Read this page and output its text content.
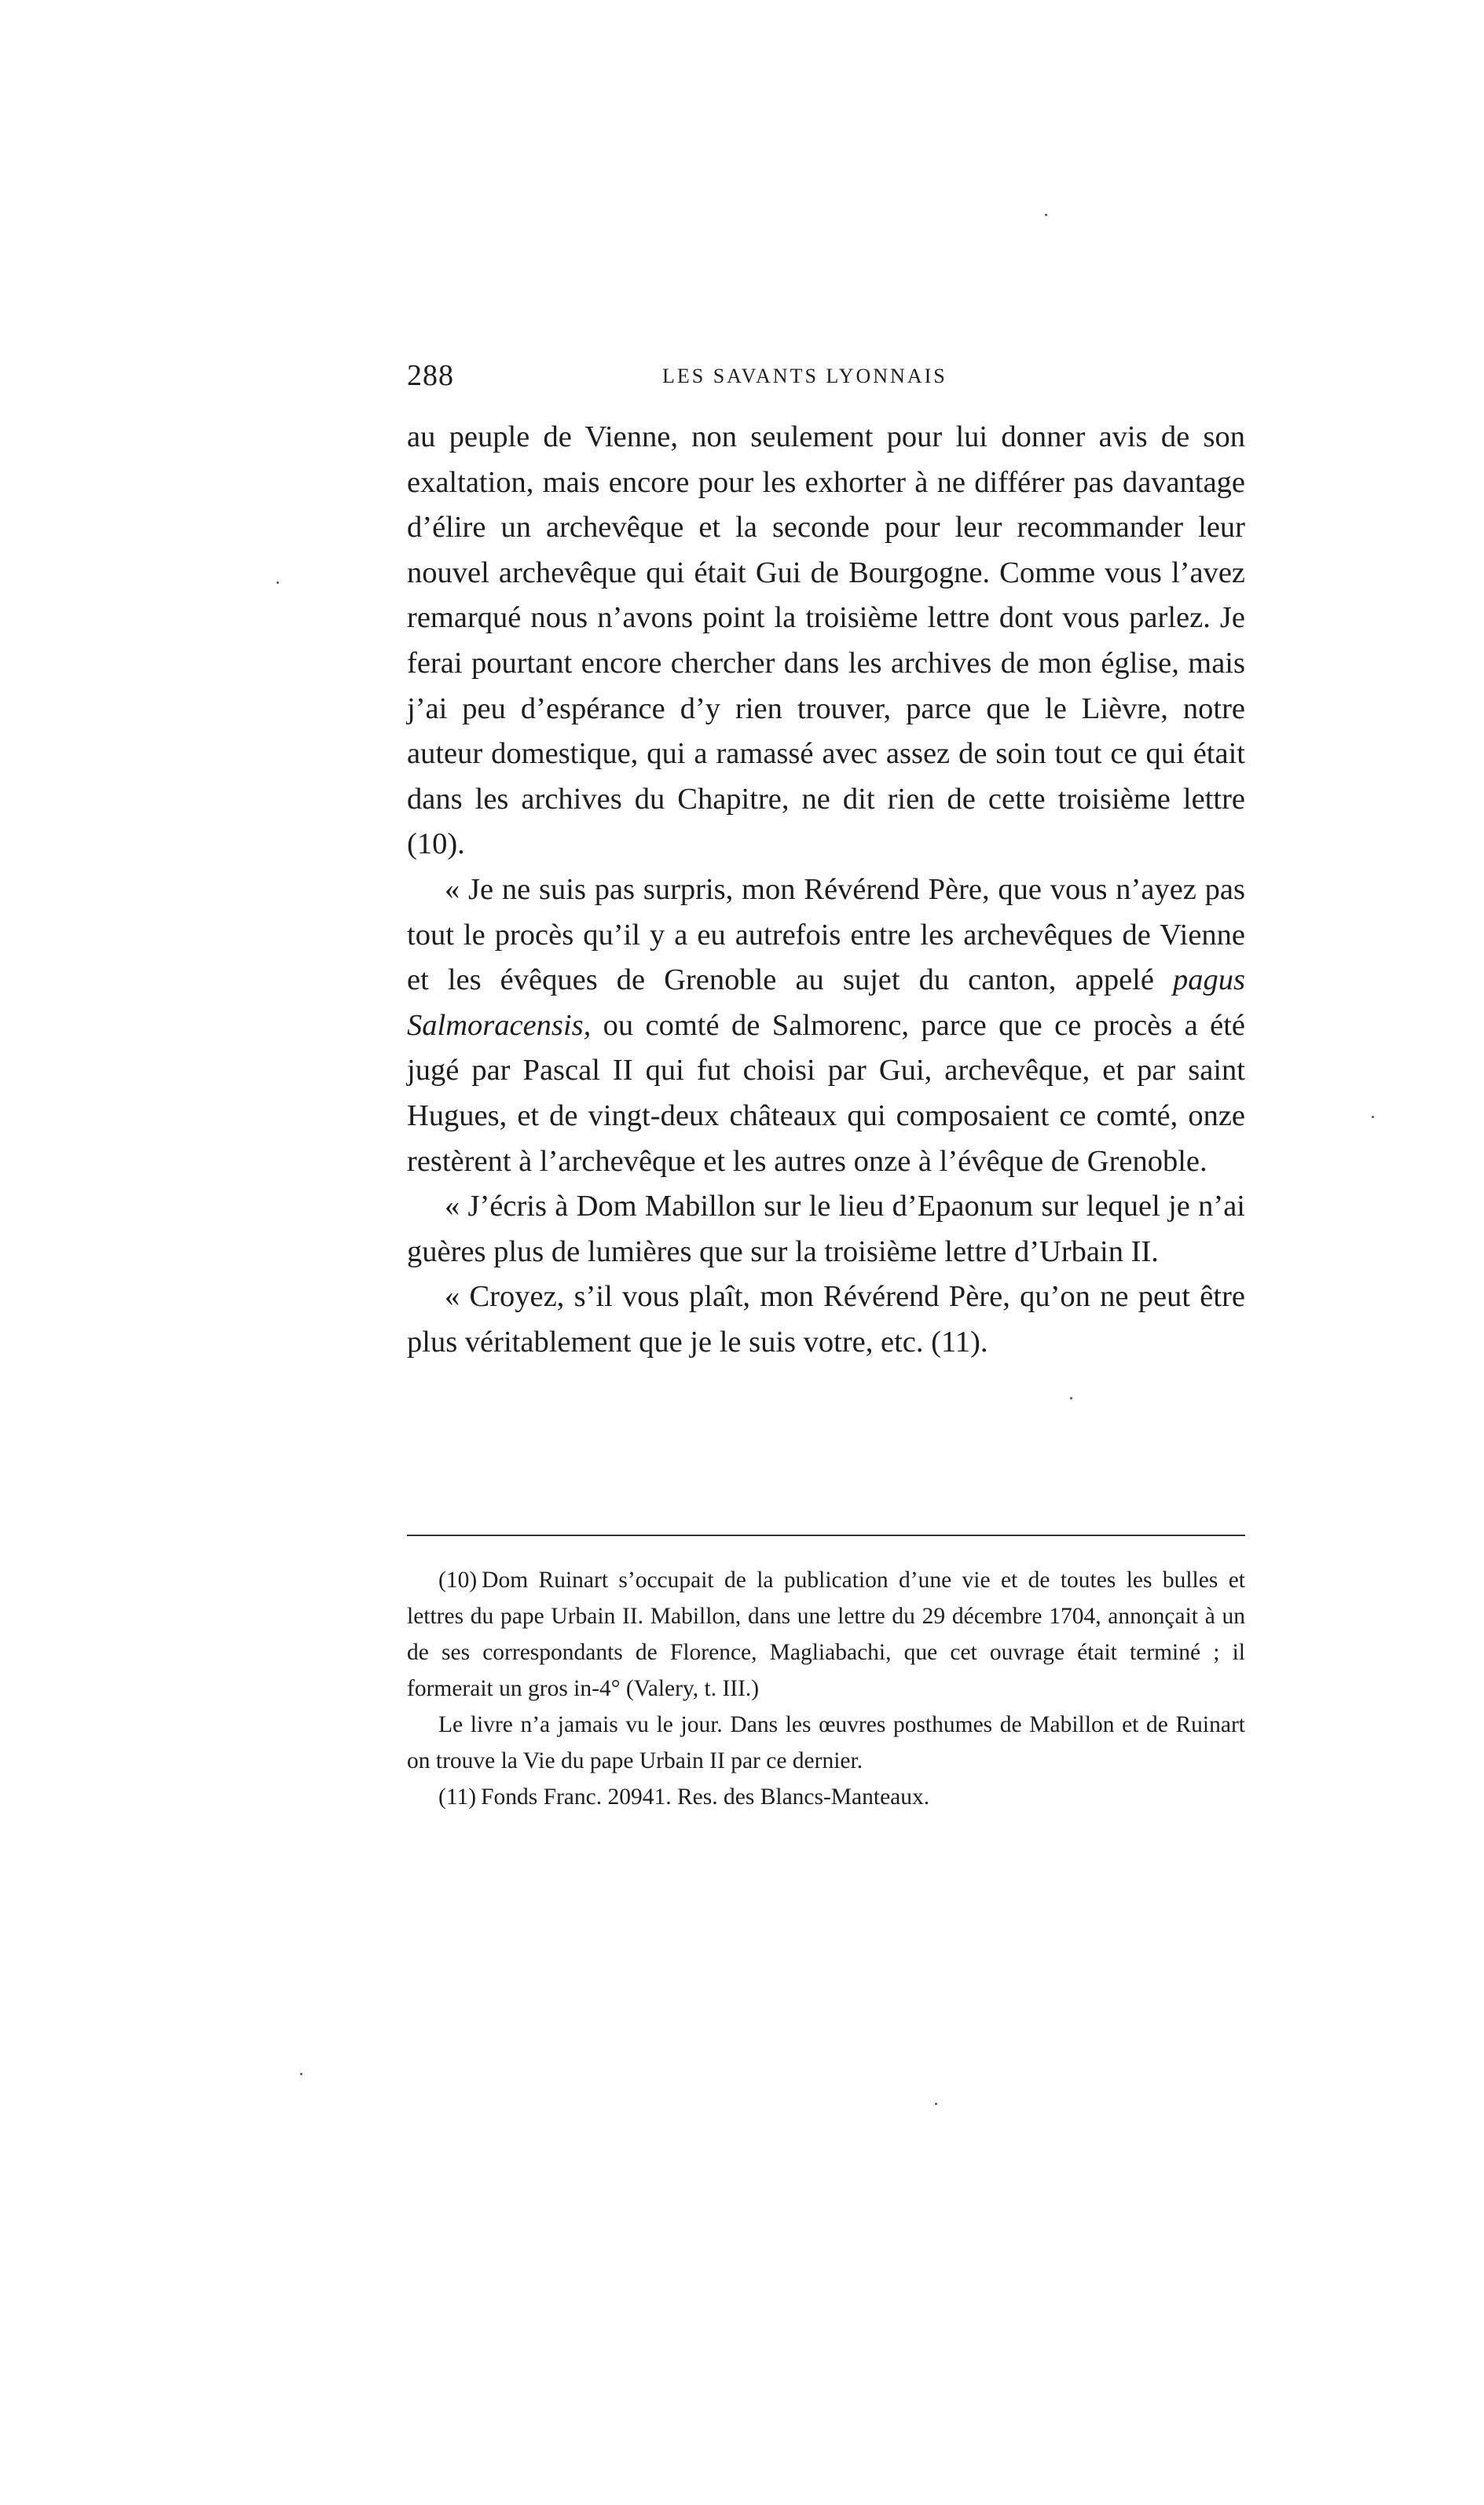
288	LES SAVANTS LYONNAIS

au peuple de Vienne, non seulement pour lui donner avis de son exaltation, mais encore pour les exhorter à ne différer pas davantage d’élire un archevêque et la seconde pour leur recommander leur nouvel archevêque qui était Gui de Bourgogne. Comme vous l’avez remarqué nous n’avons point la troisième lettre dont vous parlez. Je ferai pourtant encore chercher dans les archives de mon église, mais j’ai peu d’espérance d’y rien trouver, parce que le Lièvre, notre auteur domestique, qui a ramassé avec assez de soin tout ce qui était dans les archives du Chapitre, ne dit rien de cette troisième lettre (10).

« Je ne suis pas surpris, mon Révérend Père, que vous n’ayez pas tout le procès qu’il y a eu autrefois entre les archevêques de Vienne et les évêques de Grenoble au sujet du canton, appelé pagus Salmoracensis, ou comté de Salmorenc, parce que ce procès a été jugé par Pascal II qui fut choisi par Gui, archevêque, et par saint Hugues, et de vingt-deux châteaux qui composaient ce comté, onze restèrent à l’archevêque et les autres onze à l’évêque de Grenoble.

« J’écris à Dom Mabillon sur le lieu d’Epaonum sur lequel je n’ai guères plus de lumières que sur la troisième lettre d’Urbain II.

« Croyez, s’il vous plaît, mon Révérend Père, qu’on ne peut être plus véritablement que je le suis votre, etc. (11).

(10) Dom Ruinart s’occupait de la publication d’une vie et de toutes les bulles et lettres du pape Urbain II. Mabillon, dans une lettre du 29 décembre 1704, annonçait à un de ses correspondants de Florence, Magliabachi, que cet ouvrage était terminé ; il formerait un gros in-4° (Valery, t. III.)

Le livre n’a jamais vu le jour. Dans les œuvres posthumes de Mabillon et de Ruinart on trouve la Vie du pape Urbain II par ce dernier.

(11) Fonds Franc. 20941. Res. des Blancs-Manteaux.
